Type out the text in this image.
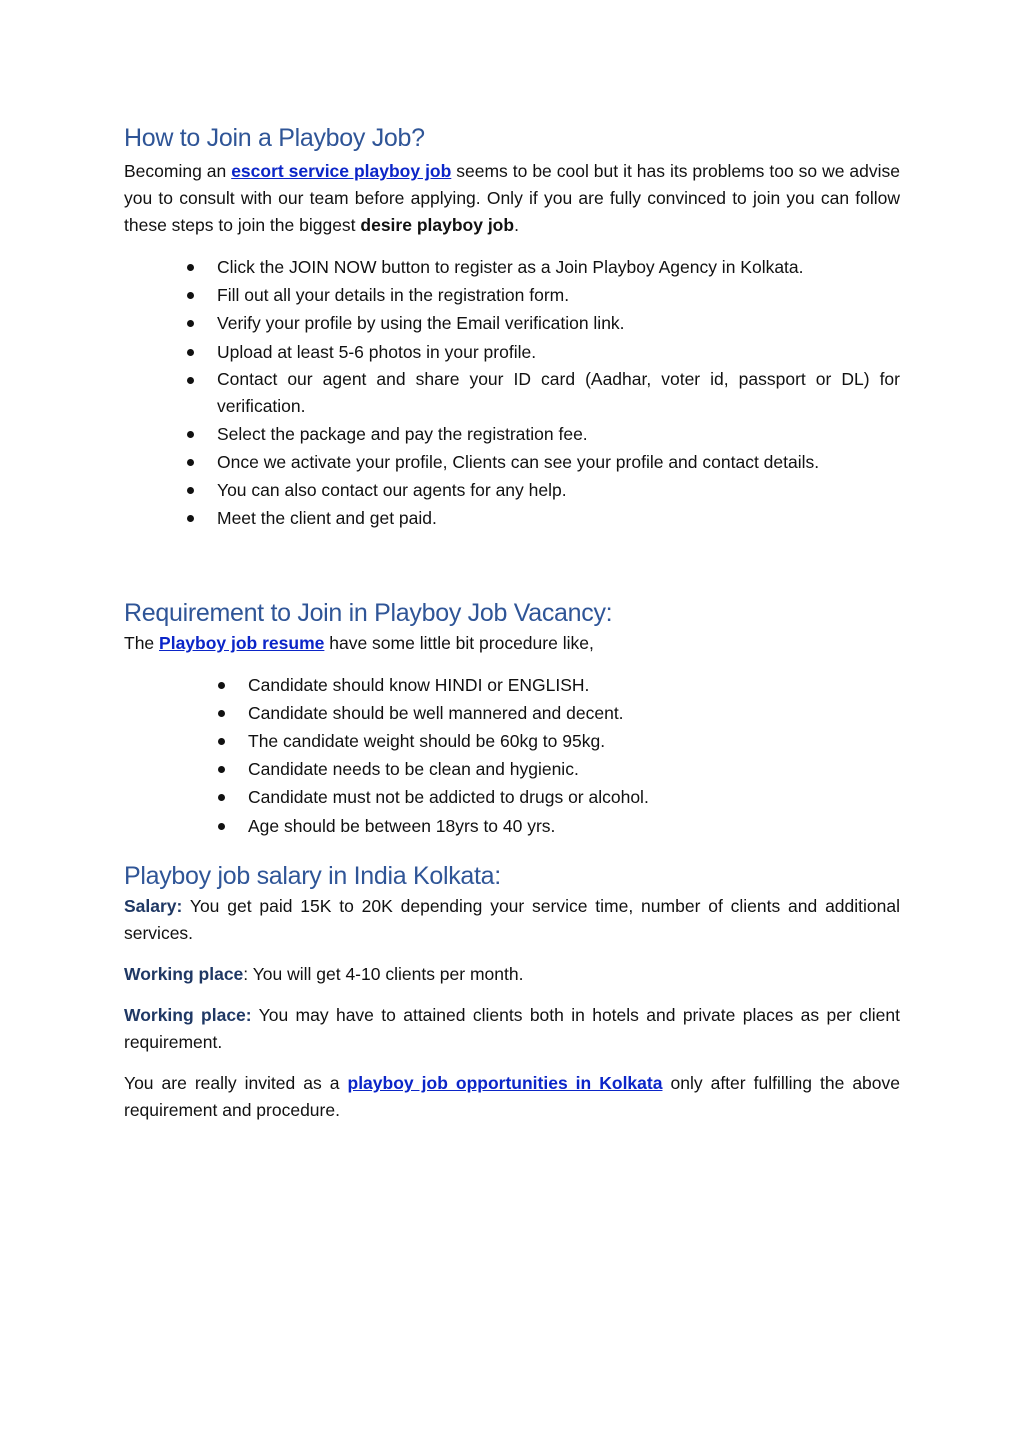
How to Join a Playboy Job?

Becoming an escort service playboy job seems to be cool but it has its problems too so we advise you to consult with our team before applying. Only if you are fully convinced to join you can follow these steps to join the biggest desire playboy job.

Click the JOIN NOW button to register as a Join Playboy Agency in Kolkata.
Fill out all your details in the registration form.
Verify your profile by using the Email verification link.
Upload at least 5-6 photos in your profile.
Contact our agent and share your ID card (Aadhar, voter id, passport or DL) for verification.
Select the package and pay the registration fee.
Once we activate your profile, Clients can see your profile and contact details.
You can also contact our agents for any help.
Meet the client and get paid.
Requirement to Join in Playboy Job Vacancy:

The Playboy job resume have some little bit procedure like,

Candidate should know HINDI or ENGLISH.
Candidate should be well mannered and decent.
The candidate weight should be 60kg to 95kg.
Candidate needs to be clean and hygienic.
Candidate must not be addicted to drugs or alcohol.
Age should be between 18yrs to 40 yrs.
Playboy job salary in India Kolkata:

Salary: You get paid 15K to 20K depending your service time, number of clients and additional services.

Working place: You will get 4-10 clients per month.

Working place: You may have to attained clients both in hotels and private places as per client requirement.

You are really invited as a playboy job opportunities in Kolkata only after fulfilling the above requirement and procedure.
